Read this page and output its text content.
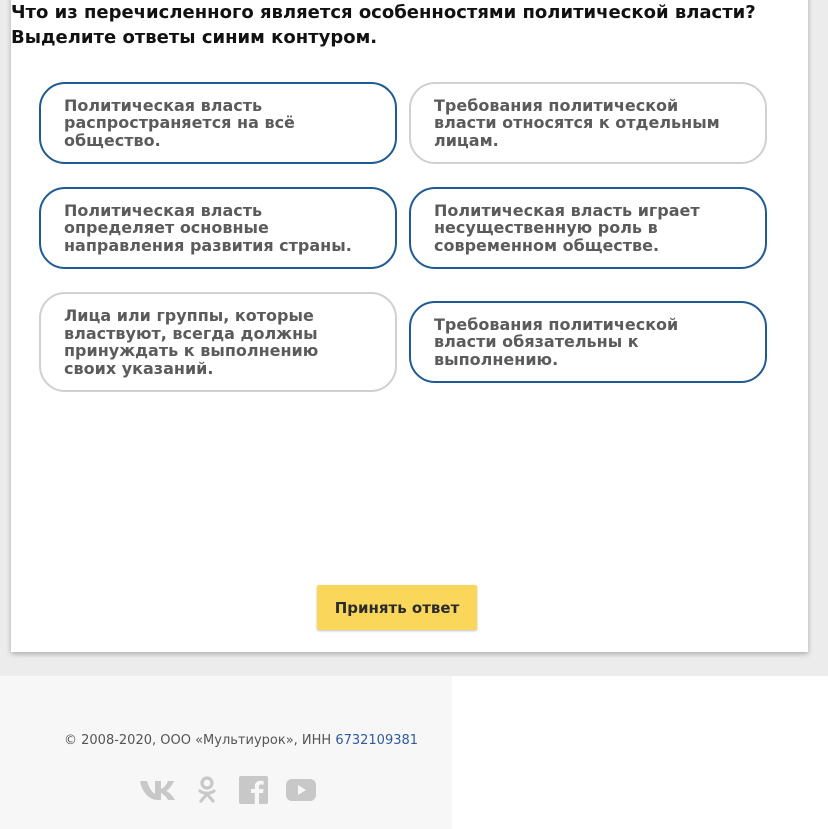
Что из перечисленного является особенностями политической власти?
Выделите ответы синим контуром.
Политическая власть
распространяется на всё
общество.
Требования политической
власти относятся к отдельным
лицам.
Политическая власть
определяет основные
направления развития страны.
Политическая власть играет
несущественную роль в
современном обществе.
Лица или группы, которые
властвуют, всегда должны
принуждать к выполнению
своих указаний.
Требования политической
власти обязательны к
выполнению.
Принять ответ
© 2008-2020, ООО «Мультиурок», ИНН 6732109381
